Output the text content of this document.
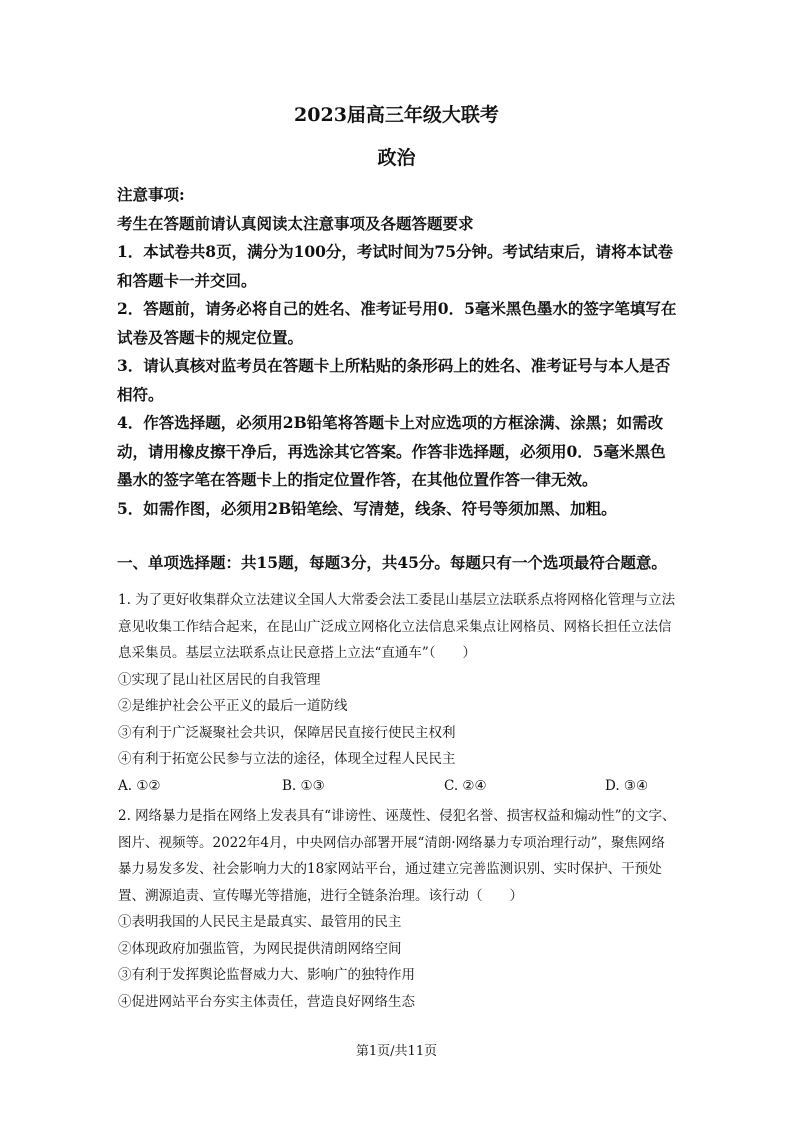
2023届高三年级大联考
政治

注意事项:

考生在答题前请认真阅读太注意事项及各题答题要求

1．本试卷共8页，满分为100分，考试时间为75分钟。考试结束后，请将本试卷和答题卡一并交回。

2．答题前，请务必将自己的姓名、准考证号用0．5毫米黑色墨水的签字笔填写在试卷及答题卡的规定位置。

3．请认真核对监考员在答题卡上所粘贴的条形码上的姓名、准考证号与本人是否相符。

4．作答选择题，必须用2B铅笔将答题卡上对应选项的方框涂满、涂黑；如需改动，请用橡皮擦干净后，再选涂其它答案。作答非选择题，必须用0．5毫米黑色墨水的签字笔在答题卡上的指定位置作答，在其他位置作答一律无效。

5．如需作图，必须用2B铅笔绘、写清楚，线条、符号等须加黑、加粗。

一、单项选择题：共15题，每题3分，共45分。每题只有一个选项最符合题意。

1. 为了更好收集群众立法建议全国人大常委会法工委昆山基层立法联系点将网格化管理与立法意见收集工作结合起来，在昆山广泛成立网格化立法信息采集点让网格员、网格长担任立法信息采集员。基层立法联系点让民意搭上立法“直通车”（　　）

①实现了昆山社区居民的自我管理

②是维护社会公平正义的最后一道防线

③有利于广泛凝聚社会共识，保障居民直接行使民主权利

④有利于拓宽公民参与立法的途径，体现全过程人民民主

A. ①②	B. ①③	C. ②④	D. ③④

2. 网络暴力是指在网络上发表具有“诽谤性、诬蔑性、侵犯名誉、损害权益和煽动性”的文字、图片、视频等。2022年4月，中央网信办部署开展“清朗·网络暴力专项治理行动”，聚焦网络暴力易发多发、社会影响力大的18家网站平台，通过建立完善监测识别、实时保护、干预处置、溯源追责、宣传曝光等措施，进行全链条治理。该行动（　　）

①表明我国的人民民主是最真实、最管用的民主

②体现政府加强监管，为网民提供清朗网络空间

③有利于发挥舆论监督威力大、影响广的独特作用

④促进网站平台夯实主体责任，营造良好网络生态

第1页/共11页
